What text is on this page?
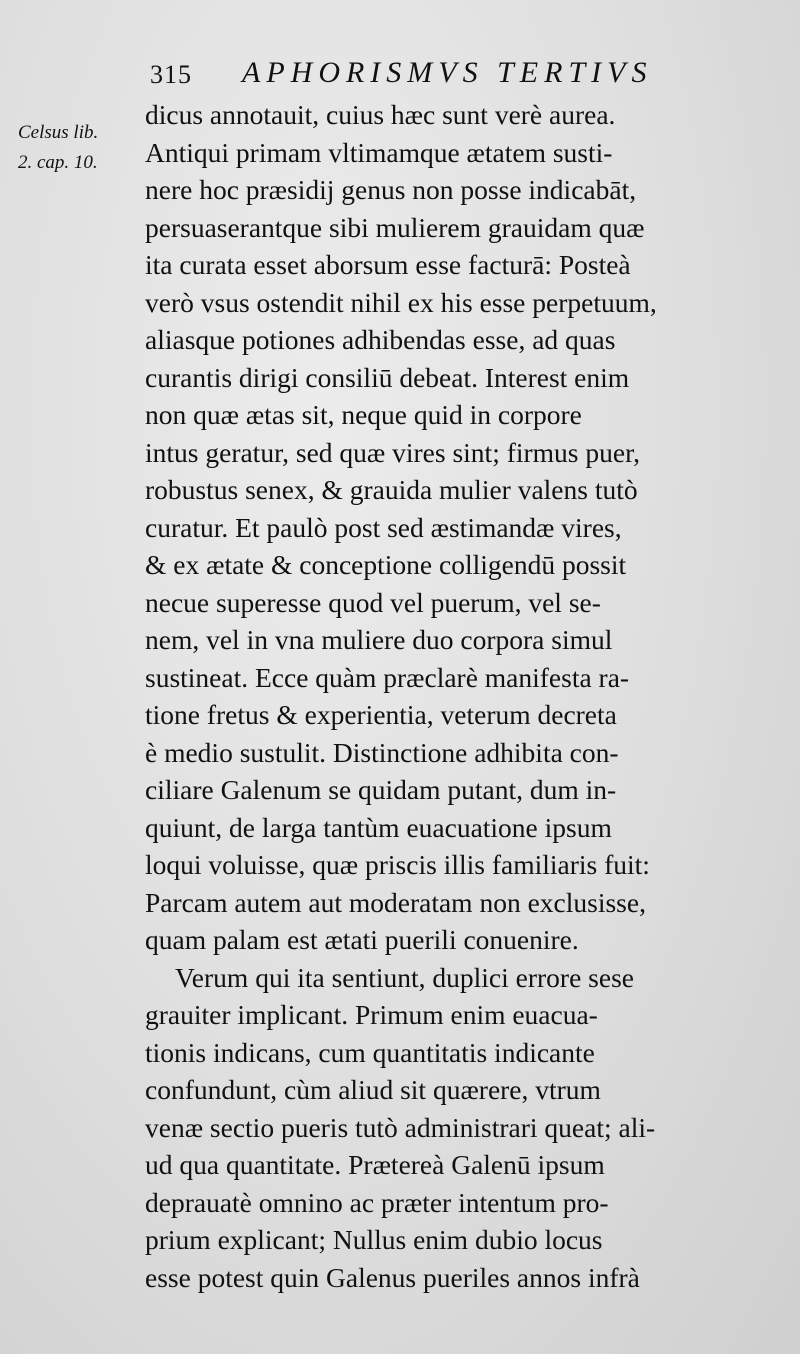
315 APHORISMVS TERTIVS
Celsus lib.
2. cap. 10.
dicus annotauit, cuius hæc sunt verè aurea.
Antiqui primam vltimamque ætatem susti-
nere hoc præsidij genus non posse indicabāt,
persuaserantque sibi mulierem grauidam quæ
ita curata esset aborsum esse facturā: Posteà
verò vsus ostendit nihil ex his esse perpetuum,
aliasque potiones adhibendas esse, ad quas
curantis dirigi consiliū debeat. Interest enim
non quæ ætas sit, neque quid in corpore
intus geratur, sed quæ vires sint; firmus puer,
robustus senex, & grauida mulier valens tutò
curatur. Et paulò post sed æstimandæ vires,
& ex ætate & conceptione colligendū possit
necue superesse quod vel puerum, vel se-
nem, vel in vna muliere duo corpora simul
sustineat. Ecce quàm præclarè manifesta ra-
tione fretus & experientia, veterum decreta
è medio sustulit. Distinctione adhibita con-
ciliare Galenum se quidam putant, dum in-
quiunt, de larga tantùm euacuatione ipsum
loqui voluisse, quæ priscis illis familiaris fuit:
Parcam autem aut moderatam non exclusisse,
quam palam est ætati puerili conuenire.
Verum qui ita sentiunt, duplici errore sese
grauiter implicant. Primum enim euacua-
tionis indicans, cum quantitatis indicante
confundunt, cùm aliud sit quærere, vtrum
venæ sectio pueris tutò administrari queat; ali-
ud qua quantitate. Prætereà Galenū ipsum
deprauatè omnino ac præter intentum pro-
prium explicant; Nullus enim dubio locus
esse potest quin Galenus pueriles annos infrà
